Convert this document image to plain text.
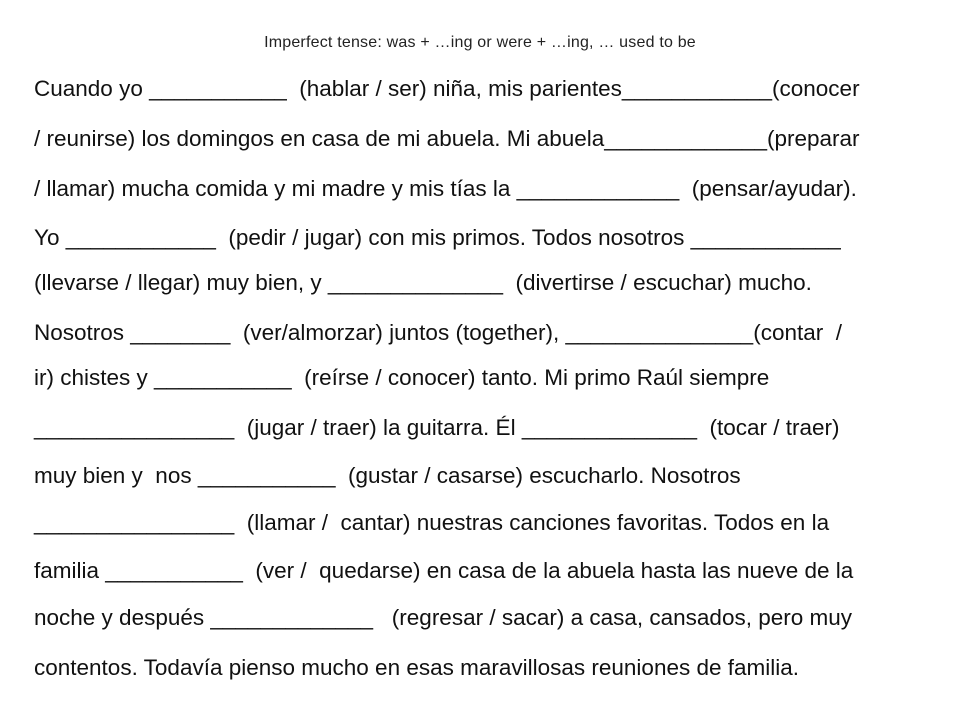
Imperfect tense: was + …ing or were + …ing, … used to be
Cuando yo ___________  (hablar / ser) niña, mis parientes____________(conocer
/ reunirse) los domingos en casa de mi abuela. Mi abuela_____________(preparar
/ llamar) mucha comida y mi madre y mis tías la _____________  (pensar/ayudar).
Yo ____________  (pedir / jugar) con mis primos. Todos nosotros ____________
(llevarse / llegar) muy bien, y ______________  (divertirse / escuchar) mucho.
Nosotros ________  (ver/almorzar) juntos (together), _______________(contar  /
ir) chistes y ___________  (reírse / conocer) tanto. Mi primo Raúl siempre
________________  (jugar / traer) la guitarra. Él ______________  (tocar / traer)
muy bien y  nos ___________  (gustar / casarse) escucharlo. Nosotros
________________  (llamar /  cantar) nuestras canciones favoritas. Todos en la
familia ___________  (ver /  quedarse) en casa de la abuela hasta las nueve de la
noche y después _____________   (regresar / sacar) a casa, cansados, pero muy
contentos. Todavía pienso mucho en esas maravillosas reuniones de familia.
